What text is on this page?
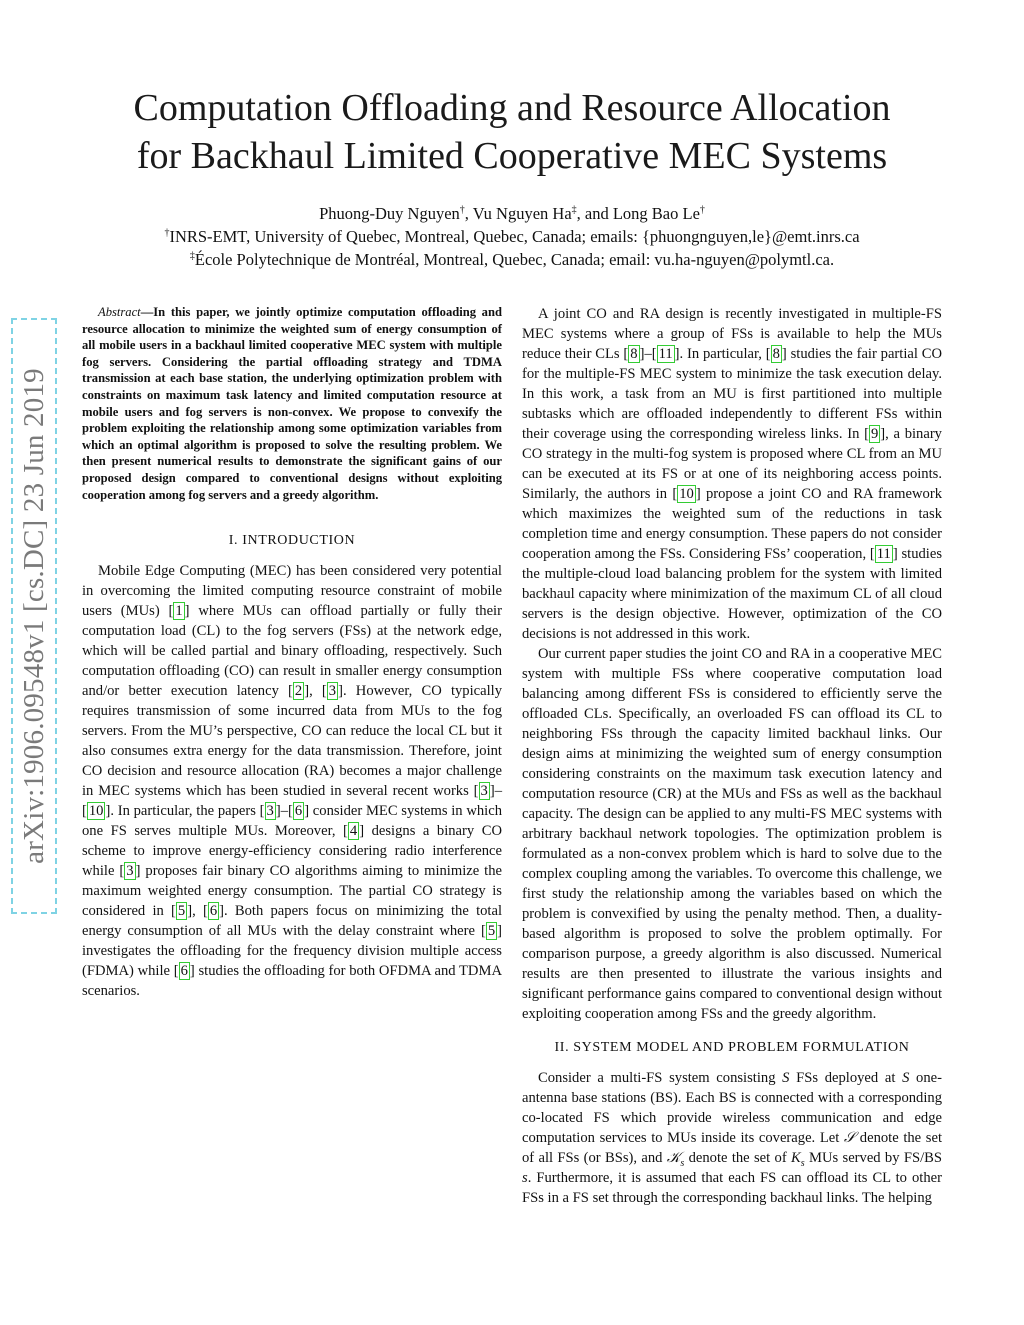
Computation Offloading and Resource Allocation
for Backhaul Limited Cooperative MEC Systems
Phuong-Duy Nguyen†, Vu Nguyen Ha‡, and Long Bao Le†
†INRS-EMT, University of Quebec, Montreal, Quebec, Canada; emails: {phuongnguyen,le}@emt.inrs.ca
‡École Polytechnique de Montréal, Montreal, Quebec, Canada; email: vu.ha-nguyen@polymtl.ca.
arXiv:1906.09548v1 [cs.DC] 23 Jun 2019

Abstract—In this paper, we jointly optimize computation offloading and resource allocation to minimize the weighted sum of energy consumption of all mobile users in a backhaul limited cooperative MEC system with multiple fog servers. Considering the partial offloading strategy and TDMA transmission at each base station, the underlying optimization problem with constraints on maximum task latency and limited computation resource at mobile users and fog servers is non-convex. We propose to convexify the problem exploiting the relationship among some optimization variables from which an optimal algorithm is proposed to solve the resulting problem. We then present numerical results to demonstrate the significant gains of our proposed design compared to conventional designs without exploiting cooperation among fog servers and a greedy algorithm.

I. INTRODUCTION

Mobile Edge Computing (MEC) has been considered very potential in overcoming the limited computing resource constraint of mobile users (MUs) [ 1 ] where MUs can offload partially or fully their computation load (CL) to the fog servers (FSs) at the network edge, which will be called partial and binary offloading, respectively. Such computation offloading (CO) can result in smaller energy consumption and/or better execution latency [ 2 ], [ 3 ]. However, CO typically requires transmission of some incurred data from MUs to the fog servers. From the MU’s perspective, CO can reduce the local CL but it also consumes extra energy for the data transmission. Therefore, joint CO decision and resource allocation (RA) becomes a major challenge in MEC systems which has been studied in several recent works [ 3 ]–[ 10 ]. In particular, the papers [ 3 ]–[ 6 ] consider MEC systems in which one FS serves multiple MUs. Moreover, [ 4 ] designs a binary CO scheme to improve energy-efficiency considering radio interference while [ 3 ] proposes fair binary CO algorithms aiming to minimize the maximum weighted energy consumption. The partial CO strategy is considered in [ 5 ], [ 6 ]. Both papers focus on minimizing the total energy consumption of all MUs with the delay constraint where [ 5 ] investigates the offloading for the frequency division multiple access (FDMA) while [ 6 ] studies the offloading for both OFDMA and TDMA scenarios.

A joint CO and RA design is recently investigated in multiple-FS MEC systems where a group of FSs is available to help the MUs reduce their CLs [ 8 ]–[ 11 ]. In particular, [ 8 ] studies the fair partial CO for the multiple-FS MEC system to minimize the task execution delay. In this work, a task from an MU is first partitioned into multiple subtasks which are offloaded independently to different FSs within their coverage using the corresponding wireless links. In [ 9 ], a binary CO strategy in the multi-fog system is proposed where CL from an MU can be executed at its FS or at one of its neighboring access points. Similarly, the authors in [ 10 ] propose a joint CO and RA framework which maximizes the weighted sum of the reductions in task completion time and energy consumption. These papers do not consider cooperation among the FSs. Considering FSs’ cooperation, [ 11 ] studies the multiple-cloud load balancing problem for the system with limited backhaul capacity where minimization of the maximum CL of all cloud servers is the design objective. However, optimization of the CO decisions is not addressed in this work.

Our current paper studies the joint CO and RA in a cooperative MEC system with multiple FSs where cooperative computation load balancing among different FSs is considered to efficiently serve the offloaded CLs. Specifically, an overloaded FS can offload its CL to neighboring FSs through the capacity limited backhaul links. Our design aims at minimizing the weighted sum of energy consumption considering constraints on the maximum task execution latency and computation resource (CR) at the MUs and FSs as well as the backhaul capacity. The design can be applied to any multi-FS MEC systems with arbitrary backhaul network topologies. The optimization problem is formulated as a non-convex problem which is hard to solve due to the complex coupling among the variables. To overcome this challenge, we first study the relationship among the variables based on which the problem is convexified by using the penalty method. Then, a duality-based algorithm is proposed to solve the problem optimally. For comparison purpose, a greedy algorithm is also discussed. Numerical results are then presented to illustrate the various insights and significant performance gains compared to conventional design without exploiting cooperation among FSs and the greedy algorithm.

II. SYSTEM MODEL AND PROBLEM FORMULATION

Consider a multi-FS system consisting S FSs deployed at S one-antenna base stations (BS). Each BS is connected with a corresponding co-located FS which provide wireless communication and edge computation services to MUs inside its coverage. Let 𝒮 denote the set of all FSs (or BSs), and 𝒦$_s$ denote the set of $K_s$ MUs served by FS/BS s. Furthermore, it is assumed that each FS can offload its CL to other FSs in a FS set through the corresponding backhaul links. The helping
